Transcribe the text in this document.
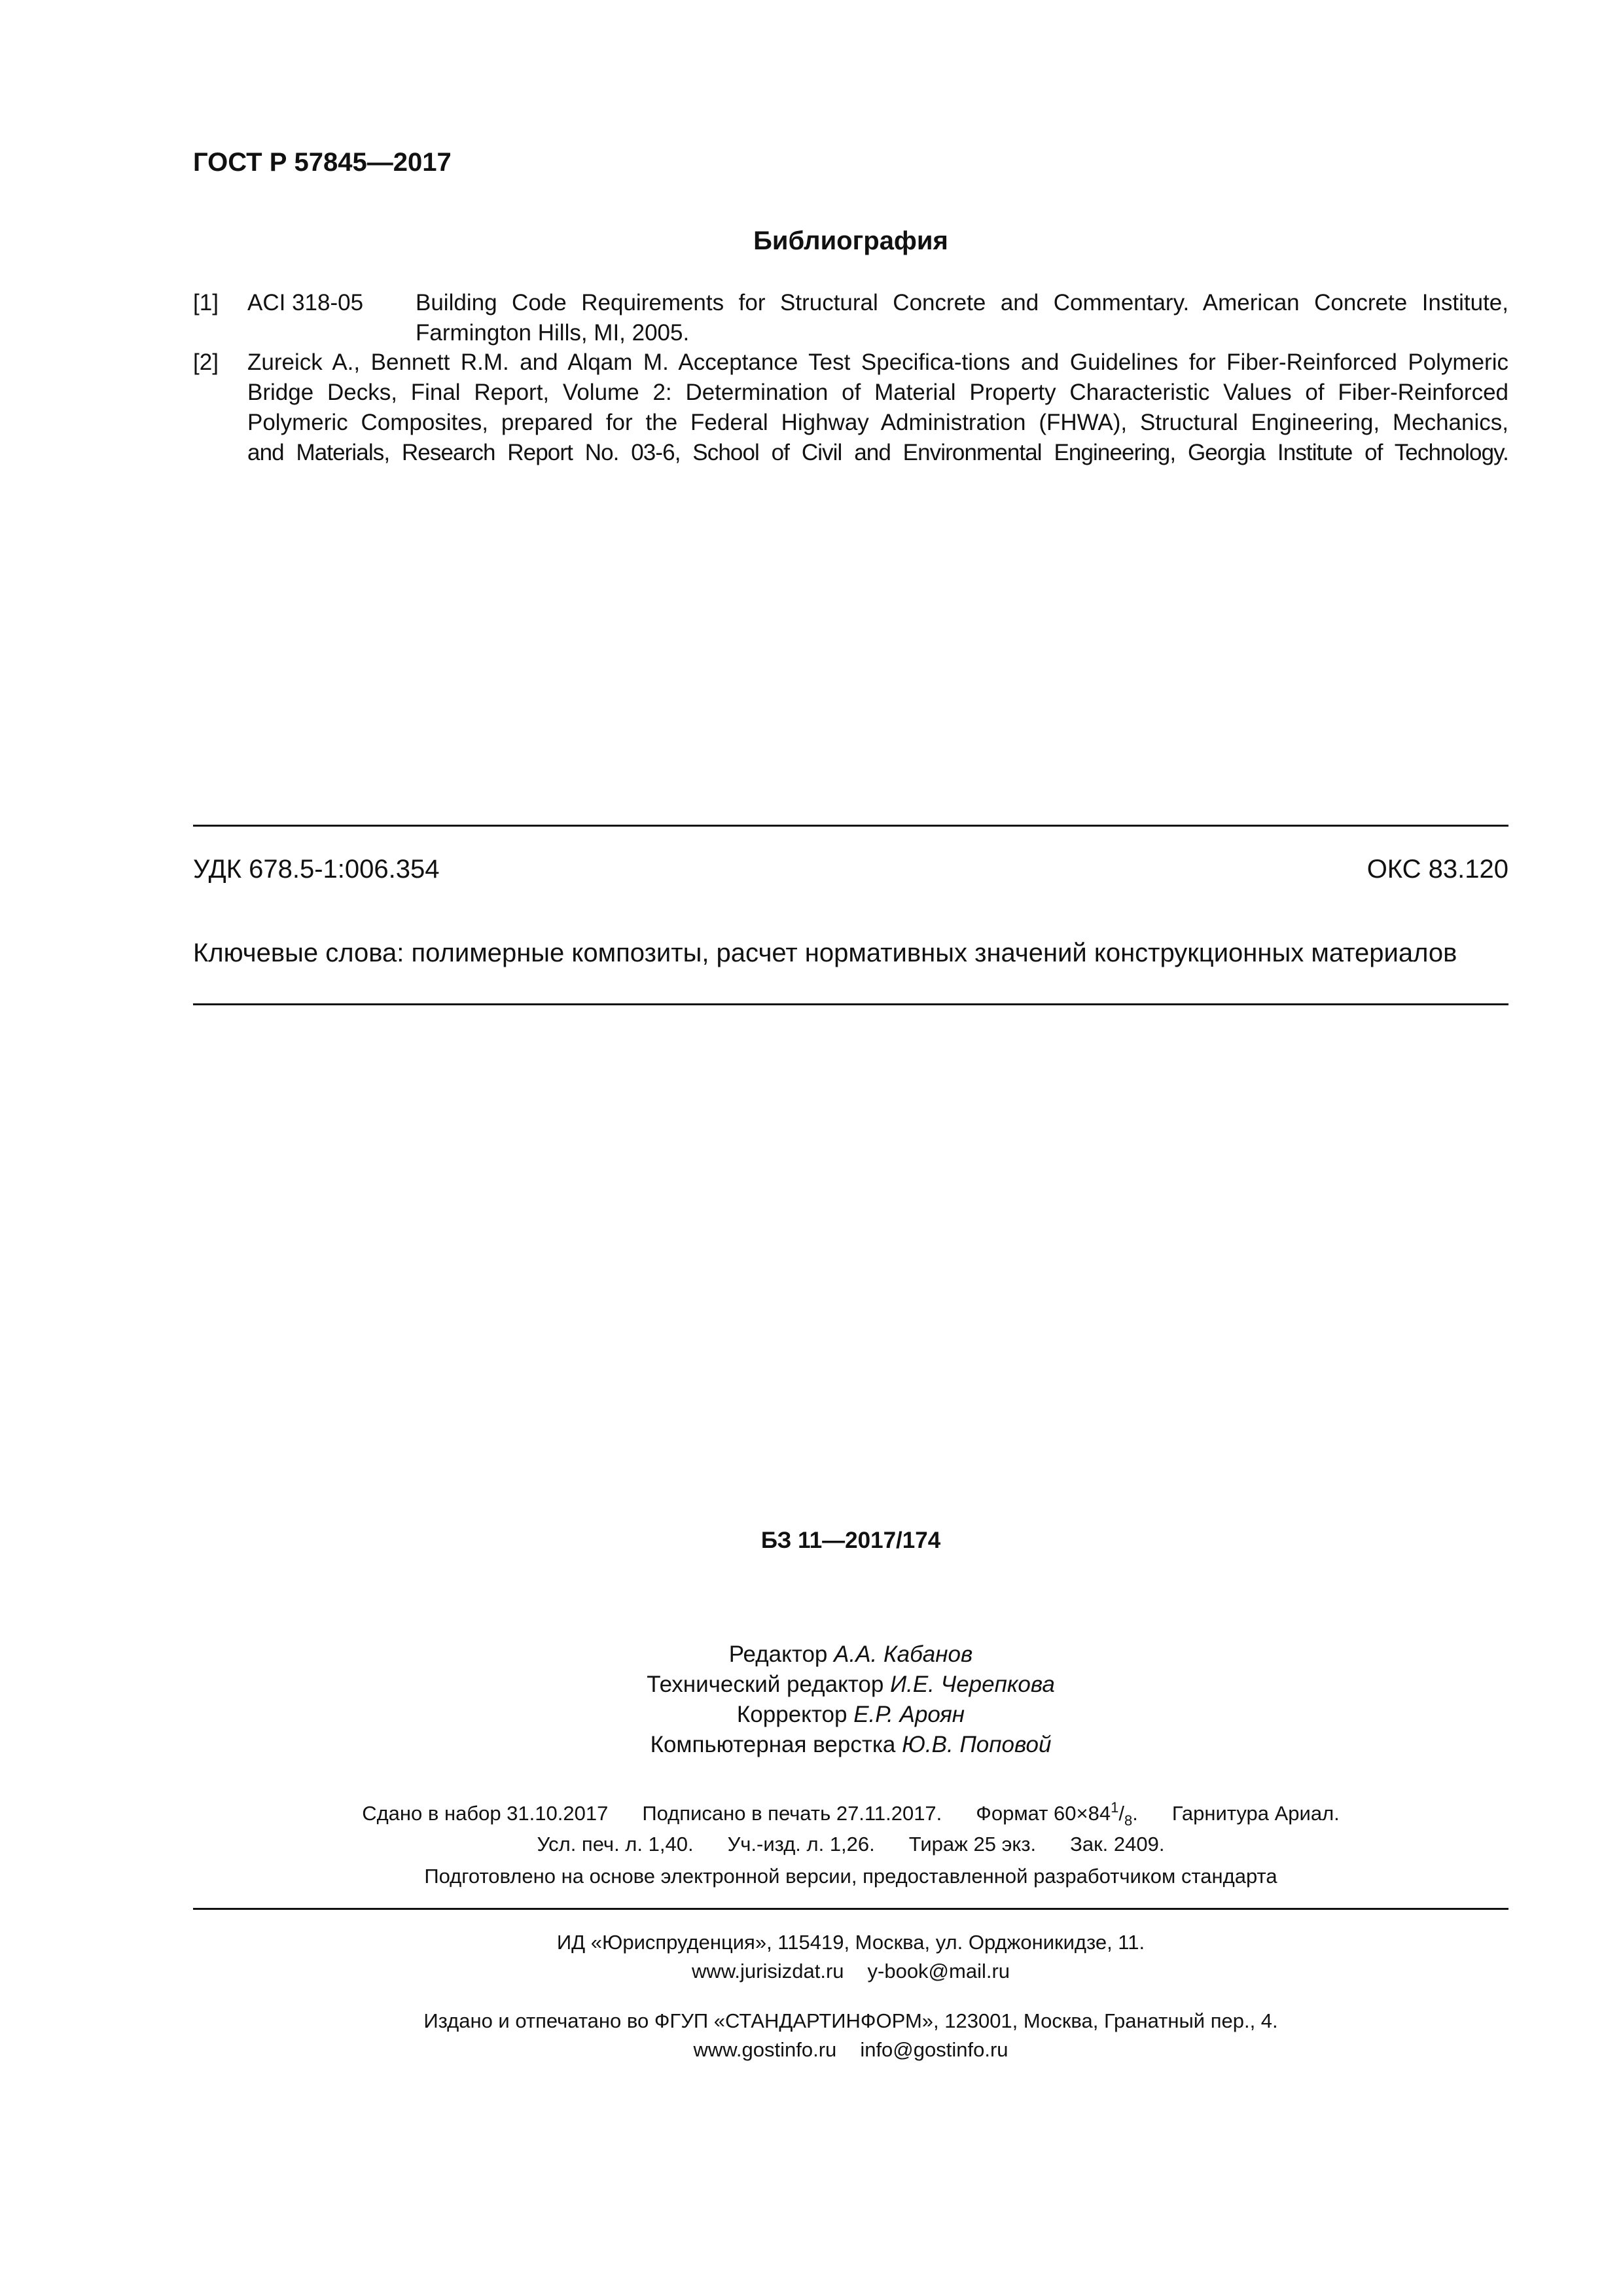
ГОСТ Р 57845—2017
Библиография
[1] ACI 318-05 Building Code Requirements for Structural Concrete and Commentary. American Concrete Institute, Farmington Hills, MI, 2005.
[2] Zureick A., Bennett R.M. and Alqam M. Acceptance Test Specifica-tions and Guidelines for Fiber-Reinforced Polymeric
Bridge Decks, Final Report, Volume 2: Determination of Material Property Characteristic Values of Fiber-Reinforced
Polymeric Composites, prepared for the Federal Highway Administration (FHWA), Structural Engineering, Mechanics,
and Materials, Research Report No. 03-6, School of Civil and Environmental Engineering, Georgia Institute of Technology.
УДК 678.5-1:006.354	ОКС 83.120
Ключевые слова: полимерные композиты, расчет нормативных значений конструкционных материалов
БЗ 11—2017/174
Редактор А.А. Кабанов
Технический редактор И.Е. Черепкова
Корректор Е.Р. Ароян
Компьютерная верстка Ю.В. Поповой
Сдано в набор 31.10.2017 Подписано в печать 27.11.2017. Формат $60\times 84^1/_8$. Гарнитура Ариал.
Усл. печ. л. 1,40. Уч.-изд. л. 1,26. Тираж 25 экз. Зак. 2409.
Подготовлено на основе электронной версии, предоставленной разработчиком стандарта
ИД «Юриспруденция», 115419, Москва, ул. Орджоникидзе, 11.
www.jurisizdat.ru y-book@mail.ru
Издано и отпечатано во ФГУП «СТАНДАРТИНФОРМ», 123001, Москва, Гранатный пер., 4.
www.gostinfo.ru info@gostinfo.ru
